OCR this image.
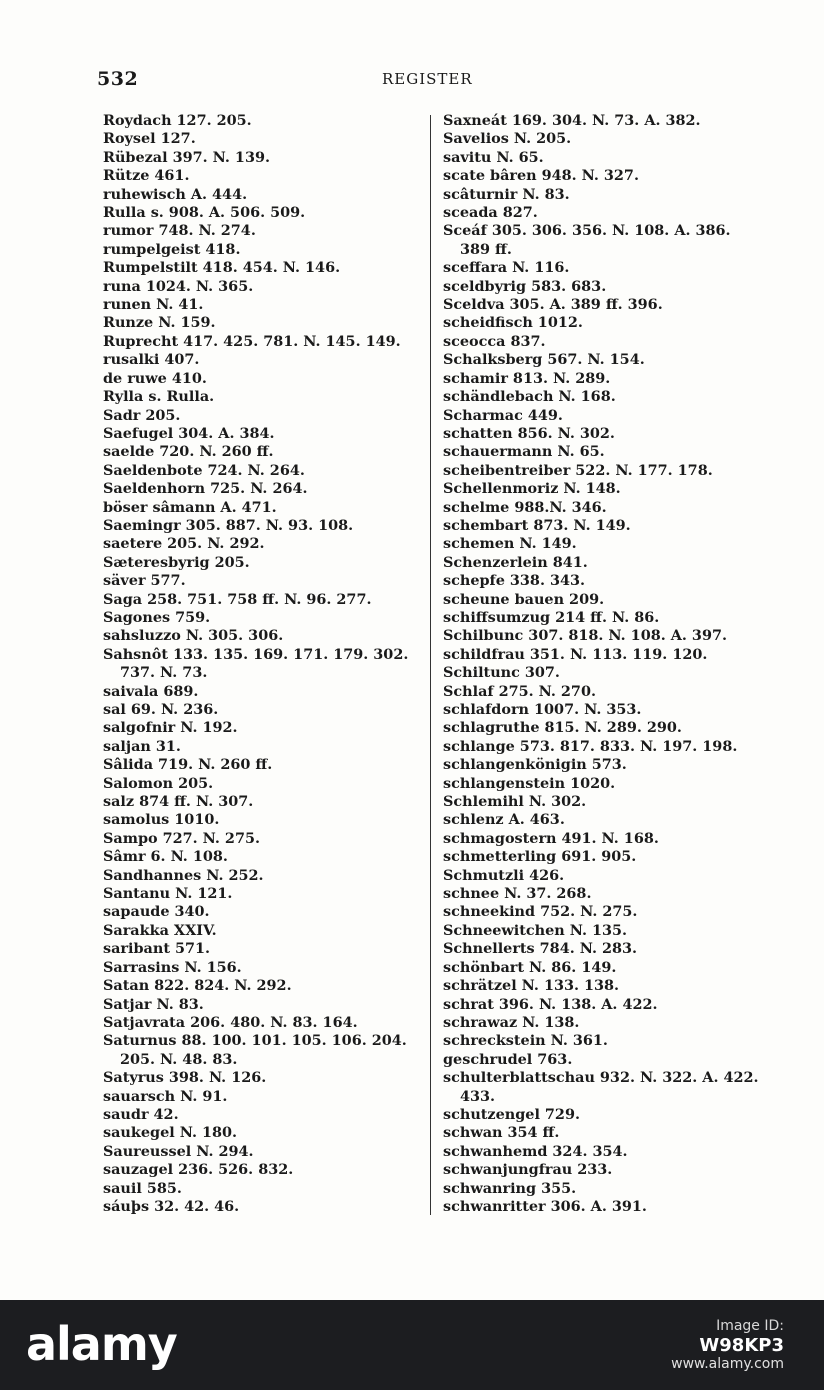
532	REGISTER
Roydach 127. 205.
Roysel 127.
Rübezal 397. N. 139.
Rütze 461.
ruhewisch A. 444.
Rulla s. 908. A. 506. 509.
rumor 748. N. 274.
rumpelgeist 418.
Rumpelstilt 418. 454. N. 146.
runa 1024. N. 365.
runen N. 41.
Runze N. 159.
Ruprecht 417. 425. 781. N. 145. 149.
rusalki 407.
de ruwe 410.
Rylla s. Rulla.
Sadr 205.
Saefugel 304. A. 384.
saelde 720. N. 260 ff.
Saeldenbote 724. N. 264.
Saeldenhorn 725. N. 264.
böser sâmann A. 471.
Saemingr 305. 887. N. 93. 108.
saetere 205. N. 292.
Sæteresbyrig 205.
säver 577.
Saga 258. 751. 758 ff. N. 96. 277.
Sagones 759.
sahsluzzo N. 305. 306.
Sahsnôt 133. 135. 169. 171. 179. 302.
737. N. 73.
saivala 689.
sal 69. N. 236.
salgofnir N. 192.
saljan 31.
Sâlida 719. N. 260 ff.
Salomon 205.
salz 874 ff. N. 307.
samolus 1010.
Sampo 727. N. 275.
Sâmr 6. N. 108.
Sandhannes N. 252.
Santanu N. 121.
sapaude 340.
Sarakka XXIV.
saribant 571.
Sarrasins N. 156.
Satan 822. 824. N. 292.
Satjar N. 83.
Satjavrata 206. 480. N. 83. 164.
Saturnus 88. 100. 101. 105. 106. 204.
205. N. 48. 83.
Satyrus 398. N. 126.
sauarsch N. 91.
saudr 42.
saukegel N. 180.
Saureussel N. 294.
sauzagel 236. 526. 832.
sauil 585.
sáuþs 32. 42. 46.
Saxneát 169. 304. N. 73. A. 382.
Savelios N. 205.
savitu N. 65.
scate bâren 948. N. 327.
scâturnir N. 83.
sceada 827.
Sceáf 305. 306. 356. N. 108. A. 386.
389 ff.
sceffara N. 116.
sceldbyrig 583. 683.
Sceldva 305. A. 389 ff. 396.
scheidfisch 1012.
sceocca 837.
Schalksberg 567. N. 154.
schamir 813. N. 289.
schändlebach N. 168.
Scharmac 449.
schatten 856. N. 302.
schauermann N. 65.
scheibentreiber 522. N. 177. 178.
Schellenmoriz N. 148.
schelme 988.N. 346.
schembart 873. N. 149.
schemen N. 149.
Schenzerlein 841.
schepfe 338. 343.
scheune bauen 209.
schiffsumzug 214 ff. N. 86.
Schilbunc 307. 818. N. 108. A. 397.
schildfrau 351. N. 113. 119. 120.
Schiltunc 307.
Schlaf 275. N. 270.
schlafdorn 1007. N. 353.
schlagruthe 815. N. 289. 290.
schlange 573. 817. 833. N. 197. 198.
schlangenkönigin 573.
schlangenstein 1020.
Schlemihl N. 302.
schlenz A. 463.
schmagostern 491. N. 168.
schmetterling 691. 905.
Schmutzli 426.
schnee N. 37. 268.
schneekind 752. N. 275.
Schneewitchen N. 135.
Schnellerts 784. N. 283.
schönbart N. 86. 149.
schrätzel N. 133. 138.
schrat 396. N. 138. A. 422.
schrawaz N. 138.
schreckstein N. 361.
geschrudel 763.
schulterblattschau 932. N. 322. A. 422.
433.
schutzengel 729.
schwan 354 ff.
schwanhemd 324. 354.
schwanjungfrau 233.
schwanring 355.
schwanritter 306. A. 391.
alamy	Image ID:
W98KP3
www.alamy.com
